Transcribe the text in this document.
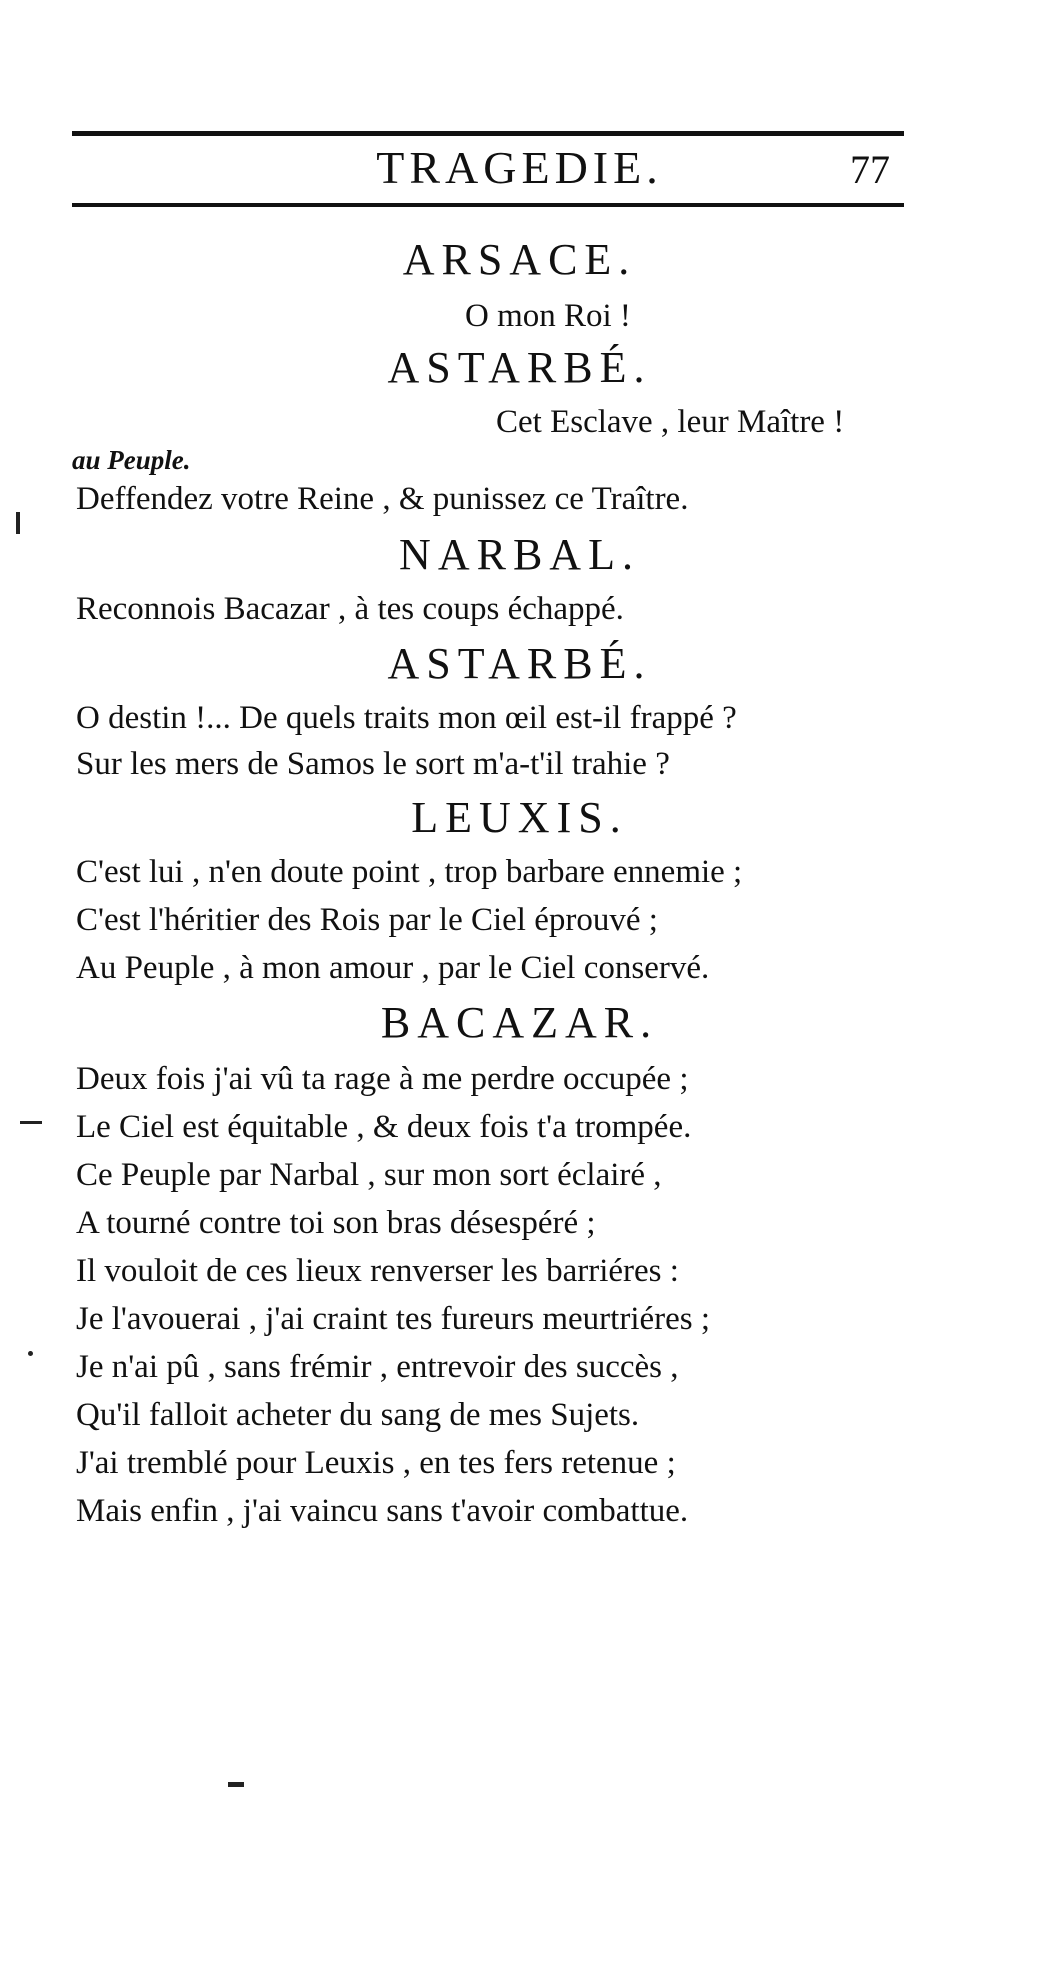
TRAGEDIE.	77
ARSACE.
O mon Roi !
ASTARBÉ.
Cet Esclave , leur Maître !
au Peuple.
Deffendez votre Reine , & punissez ce Traître.
NARBAL.
Reconnois Bacazar , à tes coups échappé.
ASTARBÉ.
O destin !... De quels traits mon œil est-il frappé ?
Sur les mers de Samos le sort m'a-t'il trahie ?
LEUXIS.
C'est lui , n'en doute point , trop barbare ennemie ;
C'est l'héritier des Rois par le Ciel éprouvé ;
Au Peuple , à mon amour , par le Ciel conservé.
BACAZAR.
Deux fois j'ai vû ta rage à me perdre occupée ;
Le Ciel est équitable , & deux fois t'a trompée.
Ce Peuple par Narbal , sur mon sort éclairé ,
A tourné contre toi son bras désespéré ;
Il vouloit de ces lieux renverser les barriéres :
Je l'avouerai , j'ai craint tes fureurs meurtriéres ;
Je n'ai pû , sans frémir , entrevoir des succès ,
Qu'il falloit acheter du sang de mes Sujets.
J'ai tremblé pour Leuxis , en tes fers retenue ;
Mais enfin , j'ai vaincu sans t'avoir combattue.
